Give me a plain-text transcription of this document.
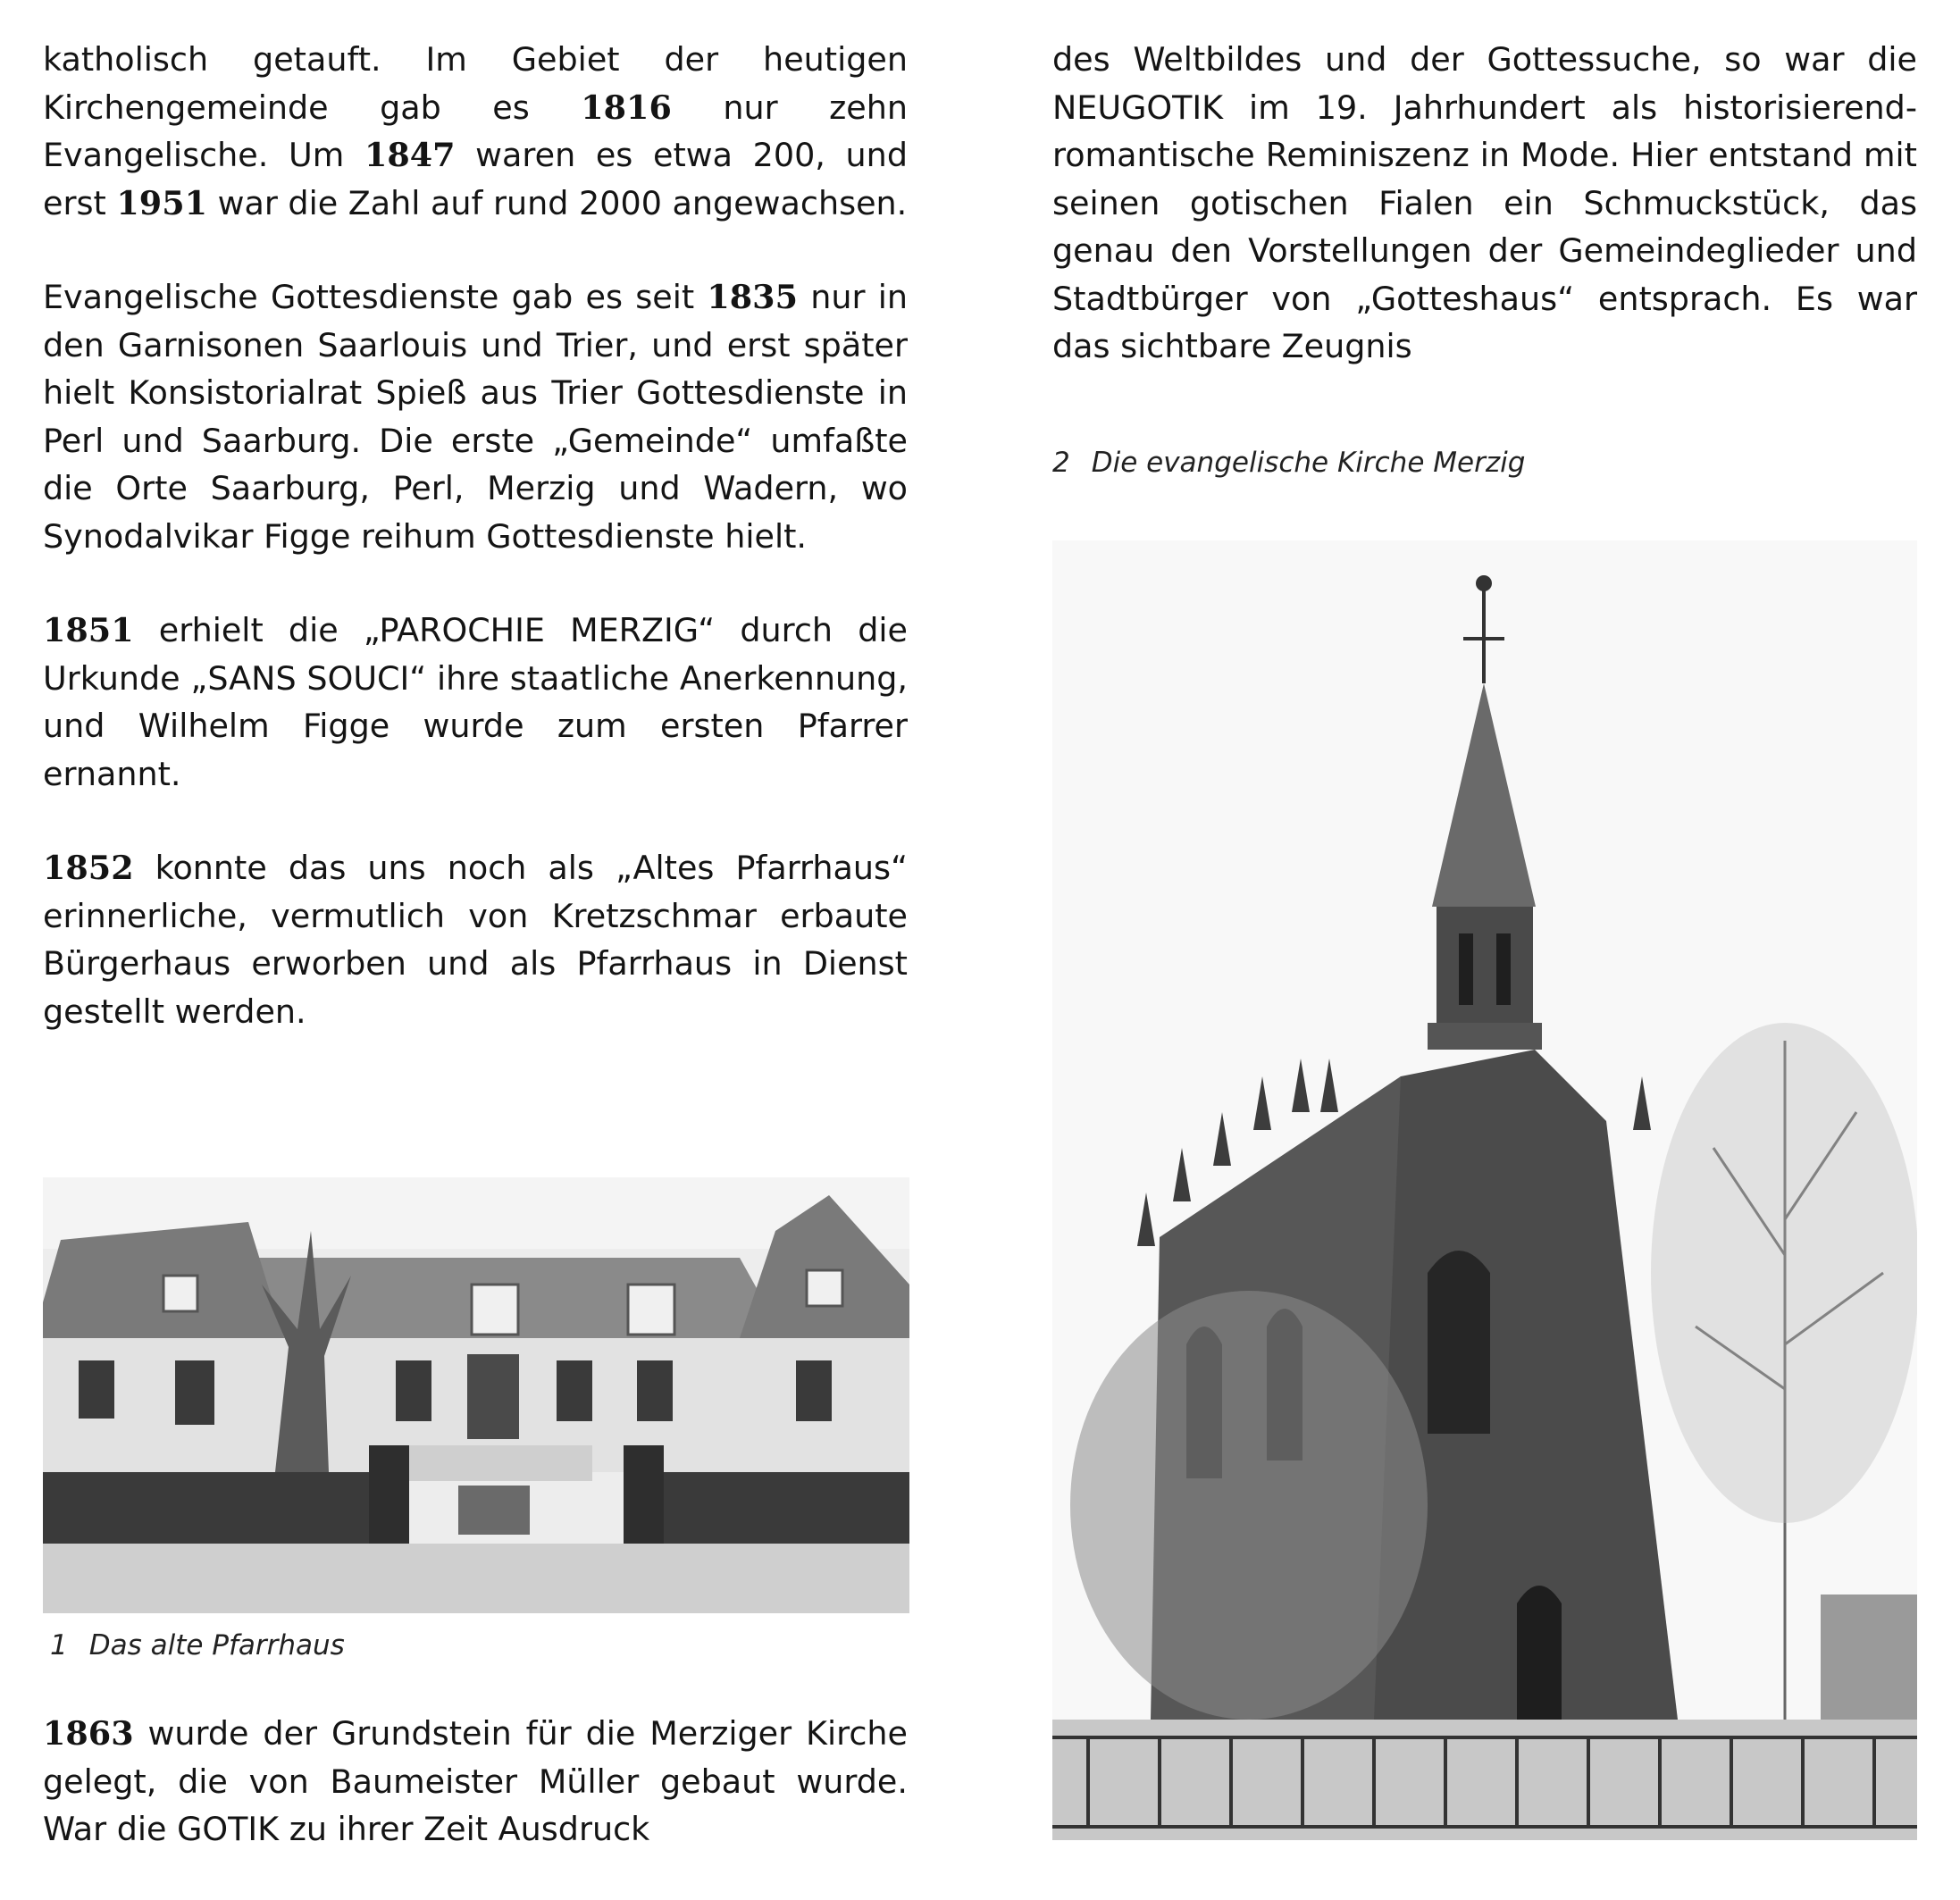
katholisch getauft. Im Gebiet der heutigen Kirchengemeinde gab es 1816 nur zehn Evangelische. Um 1847 waren es etwa 200, und erst 1951 war die Zahl auf rund 2000 angewachsen.

Evangelische Gottesdienste gab es seit 1835 nur in den Garnisonen Saarlouis und Trier, und erst später hielt Konsistorialrat Spieß aus Trier Gottesdienste in Perl und Saarburg. Die erste „Gemeinde“ umfaßte die Orte Saarburg, Perl, Merzig und Wadern, wo Synodalvikar Figge reihum Gottesdienste hielt.

1851 erhielt die „PAROCHIE MERZIG“ durch die Urkunde „SANS SOUCI“ ihre staatliche Anerkennung, und Wilhelm Figge wurde zum ersten Pfarrer ernannt.

1852 konnte das uns noch als „Altes Pfarrhaus“ erinnerliche, vermutlich von Kretzschmar erbaute Bürgerhaus erworben und als Pfarrhaus in Dienst gestellt werden.

1 Das alte Pfarrhaus

1863 wurde der Grundstein für die Merziger Kirche gelegt, die von Baumeister Müller gebaut wurde. War die GOTIK zu ihrer Zeit Ausdruck

des Weltbildes und der Gottessuche, so war die NEUGOTIK im 19. Jahrhundert als historisierend-romantische Reminiszenz in Mode. Hier entstand mit seinen gotischen Fialen ein Schmuckstück, das genau den Vorstellungen der Gemeindeglieder und Stadtbürger von „Gotteshaus“ entsprach. Es war das sichtbare Zeugnis

2 Die evangelische Kirche Merzig
